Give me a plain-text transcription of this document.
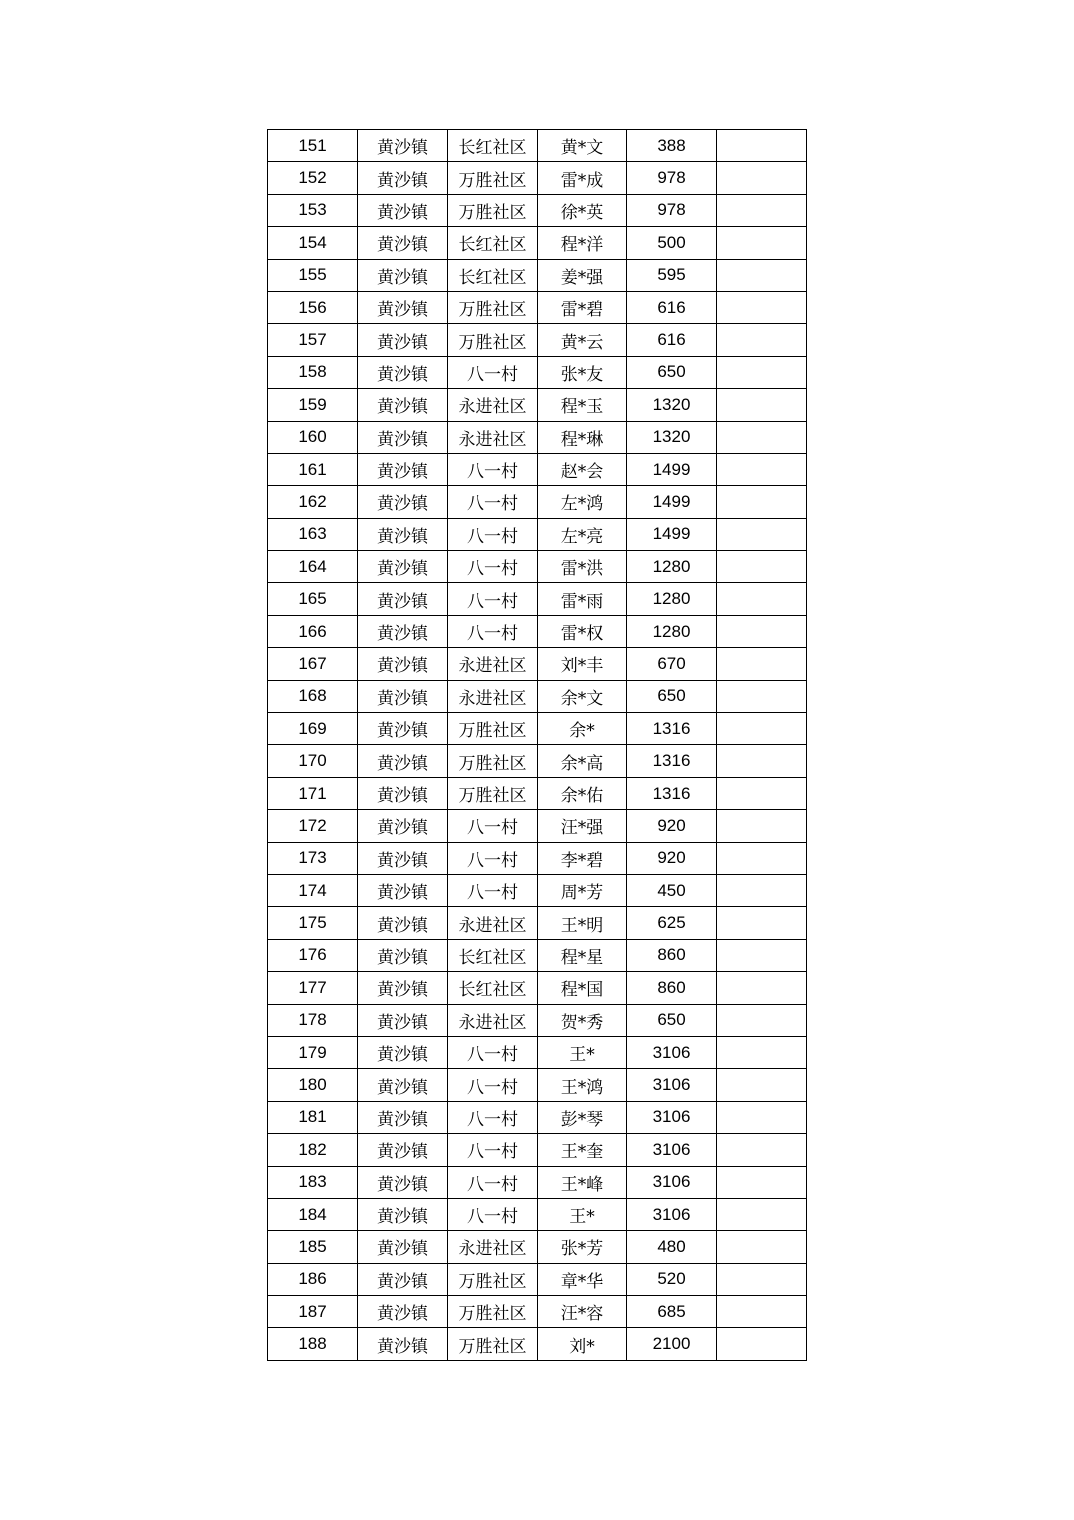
151	黄沙镇	长红社区	黄*文	388	
152	黄沙镇	万胜社区	雷*成	978	
153	黄沙镇	万胜社区	徐*英	978	
154	黄沙镇	长红社区	程*洋	500	
155	黄沙镇	长红社区	姜*强	595	
156	黄沙镇	万胜社区	雷*碧	616	
157	黄沙镇	万胜社区	黄*云	616	
158	黄沙镇	八一村	张*友	650	
159	黄沙镇	永进社区	程*玉	1320	
160	黄沙镇	永进社区	程*琳	1320	
161	黄沙镇	八一村	赵*会	1499	
162	黄沙镇	八一村	左*鸿	1499	
163	黄沙镇	八一村	左*亮	1499	
164	黄沙镇	八一村	雷*洪	1280	
165	黄沙镇	八一村	雷*雨	1280	
166	黄沙镇	八一村	雷*权	1280	
167	黄沙镇	永进社区	刘*丰	670	
168	黄沙镇	永进社区	余*文	650	
169	黄沙镇	万胜社区	余*	1316	
170	黄沙镇	万胜社区	余*高	1316	
171	黄沙镇	万胜社区	余*佑	1316	
172	黄沙镇	八一村	汪*强	920	
173	黄沙镇	八一村	李*碧	920	
174	黄沙镇	八一村	周*芳	450	
175	黄沙镇	永进社区	王*明	625	
176	黄沙镇	长红社区	程*星	860	
177	黄沙镇	长红社区	程*国	860	
178	黄沙镇	永进社区	贺*秀	650	
179	黄沙镇	八一村	王*	3106	
180	黄沙镇	八一村	王*鸿	3106	
181	黄沙镇	八一村	彭*琴	3106	
182	黄沙镇	八一村	王*奎	3106	
183	黄沙镇	八一村	王*峰	3106	
184	黄沙镇	八一村	王*	3106	
185	黄沙镇	永进社区	张*芳	480	
186	黄沙镇	万胜社区	章*华	520	
187	黄沙镇	万胜社区	汪*容	685	
188	黄沙镇	万胜社区	刘*	2100	
